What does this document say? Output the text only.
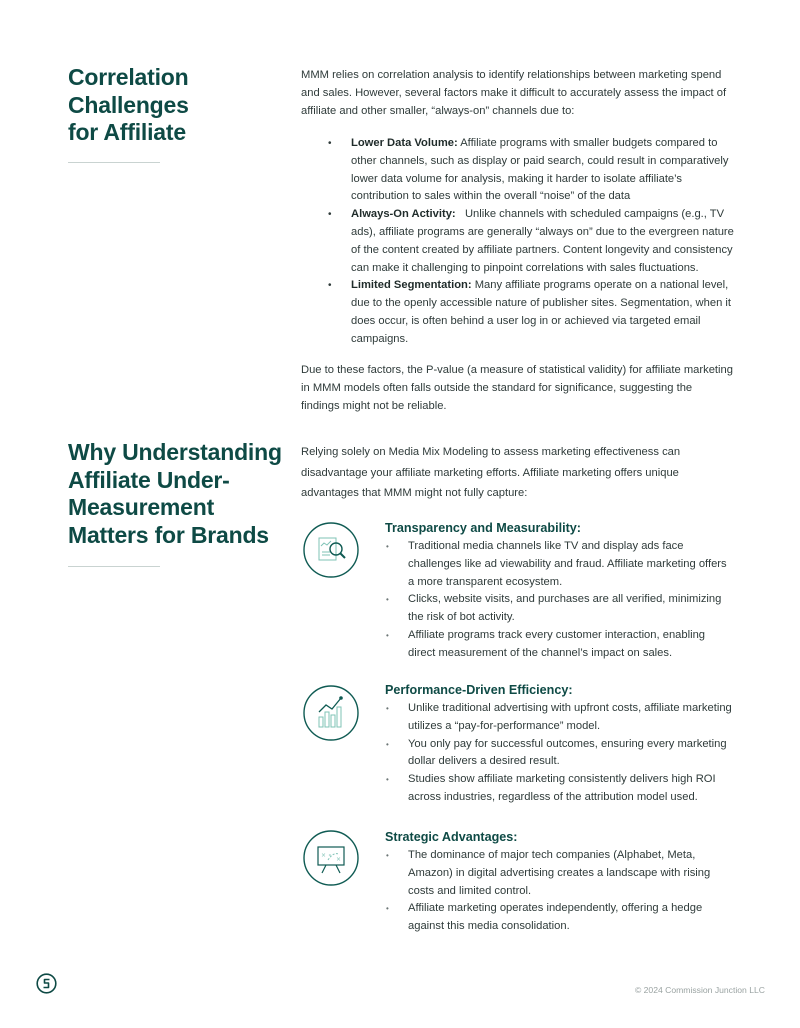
Correlation
Challenges
for Affiliate

MMM relies on correlation analysis to identify relationships between marketing spend and sales. However, several factors make it difficult to accurately assess the impact of affiliate and other smaller, “always-on” channels due to:

• Lower Data Volume: Affiliate programs with smaller budgets compared to other channels, such as display or paid search, could result in comparatively lower data volume for analysis, making it harder to isolate affiliate’s contribution to sales within the overall “noise” of the data
• Always-On Activity:   Unlike channels with scheduled campaigns (e.g., TV ads), affiliate programs are generally “always on” due to the evergreen nature of the content created by affiliate partners. Content longevity and consistency can make it challenging to pinpoint correlations with sales fluctuations.
• Limited Segmentation: Many affiliate programs operate on a national level, due to the openly accessible nature of publisher sites. Segmentation, when it does occur, is often behind a user log in or achieved via targeted email campaigns.

Due to these factors, the P-value (a measure of statistical validity) for affiliate marketing in MMM models often falls outside the standard for significance, suggesting the findings might not be reliable.

Why Understanding
Affiliate Under-
Measurement
Matters for Brands

Relying solely on Media Mix Modeling to assess marketing effectiveness can disadvantage your affiliate marketing efforts. Affiliate marketing offers unique advantages that MMM might not fully capture:

Transparency and Measurability:
• Traditional media channels like TV and display ads face challenges like ad viewability and fraud. Affiliate marketing offers a more transparent ecosystem.
• Clicks, website visits, and purchases are all verified, minimizing the risk of bot activity.
• Affiliate programs track every customer interaction, enabling direct measurement of the channel’s impact on sales.
Performance-Driven Efficiency:
• Unlike traditional advertising with upfront costs, affiliate marketing utilizes a “pay-for-performance” model.
• You only pay for successful outcomes, ensuring every marketing dollar delivers a desired result.
• Studies show affiliate marketing consistently delivers high ROI across industries, regardless of the attribution model used.
× ∘
×
Strategic Advantages:
• The dominance of major tech companies (Alphabet, Meta, Amazon) in digital advertising creates a landscape with rising costs and limited control.
• Affiliate marketing operates independently, offering a hedge against this media consolidation.

© 2024 Commission Junction LLC
